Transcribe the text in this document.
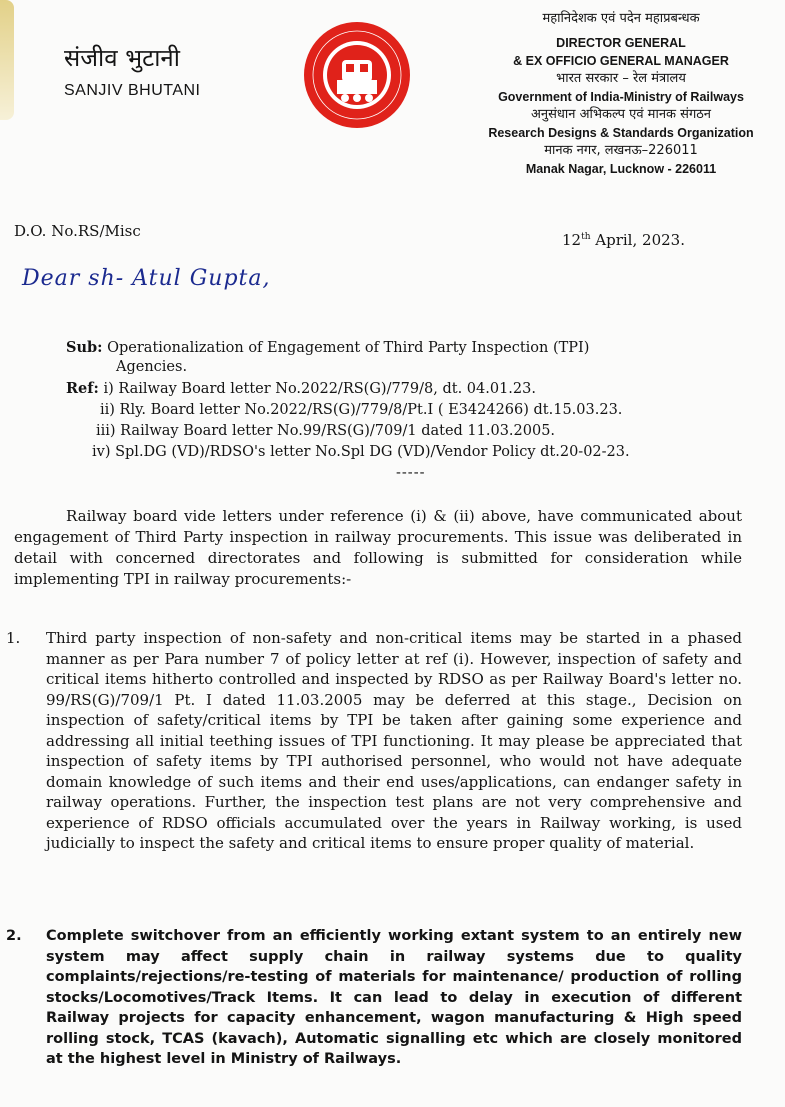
संजीव भुटानी
SANJIV BHUTANI
महानिदेशक एवं पदेन महाप्रबन्धक
DIRECTOR GENERAL
& EX OFFICIO GENERAL MANAGER
भारत सरकार – रेल मंत्रालय
Government of India-Ministry of Railways
अनुसंधान अभिकल्प एवं मानक संगठन
Research Designs & Standards Organization
मानक नगर, लखनऊ–226011
Manak Nagar, Lucknow - 226011
D.O. No.RS/Misc	12th April, 2023.
Dear sh- Atul Gupta,
Sub: Operationalization of Engagement of Third Party Inspection (TPI)
Agencies.
Ref: i) Railway Board letter No.2022/RS(G)/779/8, dt. 04.01.23.
ii) Rly. Board letter No.2022/RS(G)/779/8/Pt.I ( E3424266) dt.15.03.23.
iii) Railway Board letter No.99/RS(G)/709/1 dated 11.03.2005.
iv) Spl.DG (VD)/RDSO's letter No.Spl DG (VD)/Vendor Policy dt.20-02-23.
-----
Railway board vide letters under reference (i) & (ii) above, have communicated about engagement of Third Party inspection in railway procurements. This issue was deliberated in detail with concerned directorates and following is submitted for consideration while implementing TPI in railway procurements:-
1.	Third party inspection of non-safety and non-critical items may be started in a phased manner as per Para number 7 of policy letter at ref (i). However, inspection of safety and critical items hitherto controlled and inspected by RDSO as per Railway Board's letter no. 99/RS(G)/709/1 Pt. I dated 11.03.2005 may be deferred at this stage., Decision on inspection of safety/critical items by TPI be taken after gaining some experience and addressing all initial teething issues of TPI functioning. It may please be appreciated that inspection of safety items by TPI authorised personnel, who would not have adequate domain knowledge of such items and their end uses/applications, can endanger safety in railway operations. Further, the inspection test plans are not very comprehensive and experience of RDSO officials accumulated over the years in Railway working, is used judicially to inspect the safety and critical items to ensure proper quality of material.
2.	Complete switchover from an efficiently working extant system to an entirely new system may affect supply chain in railway systems due to quality complaints/rejections/re-testing of materials for maintenance/ production of rolling stocks/Locomotives/Track Items. It can lead to delay in execution of different Railway projects for capacity enhancement, wagon manufacturing & High speed rolling stock, TCAS (kavach), Automatic signalling etc which are closely monitored at the highest level in Ministry of Railways.
